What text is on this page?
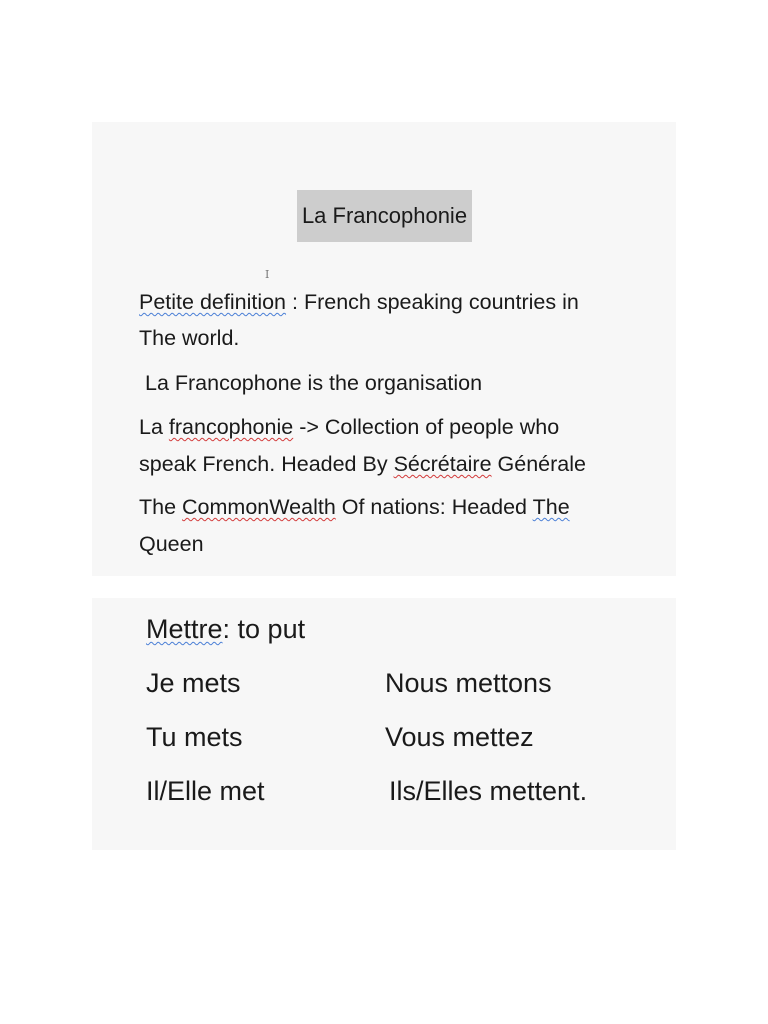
La Francophonie
I
Petite definition : French speaking countries in
The world.
La Francophone is the organisation
La francophonie -> Collection of people who
speak French. Headed By Sécrétaire Générale
The CommonWealth Of nations: Headed The
Queen
Mettre: to put
Je mets	Nous mettons
Tu mets	Vous mettez
Il/Elle met	Ils/Elles mettent.
